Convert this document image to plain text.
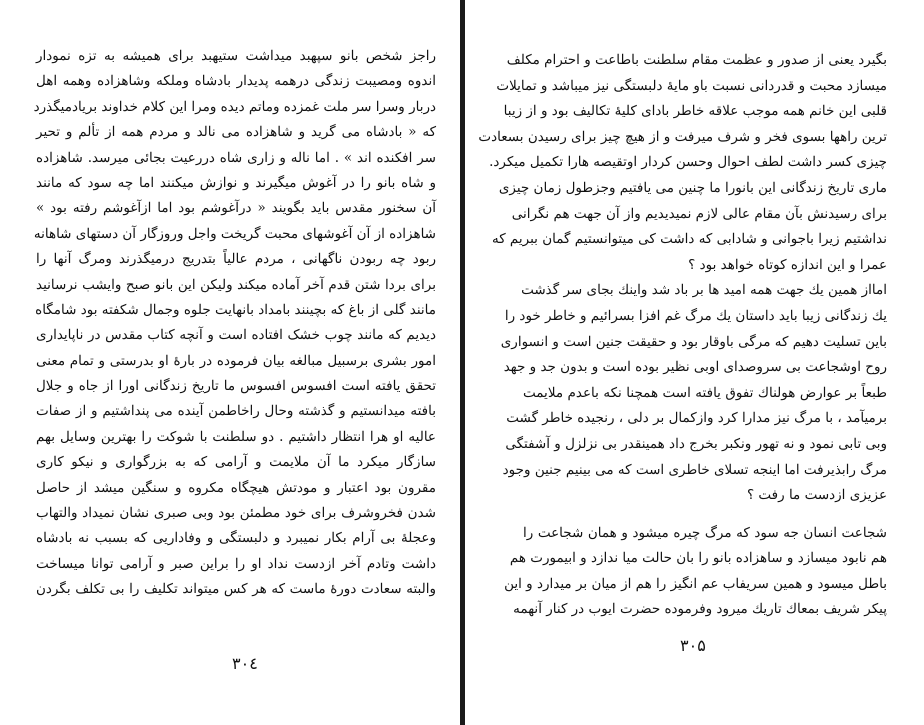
راجز شخص بانو سپهبد میداشت ستیهبد برای همیشه به تزه نمودار
اندوه ومصیبت زندگی درهمه پدیدار بادشاه وملکه وشاهزاده وهمه اهل
دربار وسرا سر ملت غمزده وماتم دیده ومرا این کلام خداوند بریادمیگذرد
که « بادشاه می گرید و شاهزاده می نالد و مردم همه از تألم و تحیر
سر افکنده اند » . اما ناله و زاری شاه دررعیت بجائی میرسد. شاهزاده
و شاه بانو را در آغوش میگیرند و نوازش میکنند اما چه سود که مانند
آن سخنور مقدس باید بگویند « درآغوشم بود اما ازآغوشم رفته بود »
شاهزاده از آن آغوشهای محبت گریخت واجل وروزگار آن دستهای شاهانه
ربود چه ربودن ناگهانی ، مردم عالیاً بتدریج درمیگذرند ومرگ آنها را
برای بردا شتن قدم آخر آماده میکند ولیکن این بانو صبح وایشب نرسانید
مانند گلی از باغ که بچینند بامداد بانهایت جلوه وجمال شکفته بود شامگاه
دیدیم که مانند چوب خشک افتاده است و آنچه کتاب مقدس در ناپایداری
امور بشری برسبیل مبالغه بیان فرموده در بارهٔ او بدرستی و تمام معنی
تحقق یافته است افسوس افسوس ما تاریخ زندگانی اورا از جاه و جلال
بافته میدانستیم و گذشته وحال راخاطمن آینده می پنداشتیم و از صفات
عالیه او هرا انتظار داشتیم . دو سلطنت با شوکت را بهترین وسایل بهم
سازگار میکرد ما آن ملایمت و آرامی که به بزرگواری و نیکو کاری
مقرون بود اعتبار و مودتش هیچگاه مکروه و سنگین میشد از حاصل
شدن فخروشرف برای خود مطمئن بود وبی صبری نشان نمیداد والتهاب
وعجلهٔ بی آرام بکار نمیبرد و دلبستگی و وفاداریی که بسبب نه بادشاه
داشت وتادم آخر ازدست نداد او را براین صبر و آرامی توانا میساخت
والبته سعادت دورهٔ ماست که هر کس میتواند تکلیف را بی تکلف بگردن
۳۰٤
بگیرد یعنی از صدور و عظمت مقام سلطنت باطاعت و احترام مکلف
میسازد محبت و قدردانی نسبت باو مایهٔ دلبستگی نیز میباشد و تمایلات
قلبی این خانم همه موجب علاقه خاطر بادای کلیهٔ تکالیف بود و از زیبا
ترین راهها بسوی فخر و شرف میرفت و از هیچ چیز برای رسیدن بسعادت
چیزی کسر داشت لطف احوال وحسن کردار اوتقیصه هارا تکمیل میکرد.
ماری تاریخ زندگانی این بانورا ما چنین می یافتیم وجزطول زمان چیزی
برای رسیدنش بآن مقام عالی لازم نمیدیدیم واز آن جهت هم نگرانی
نداشتیم زیرا باجوانی و شادابی که داشت کی میتوانستیم گمان ببریم که
عمرا و این اندازه کوتاه خواهد بود ؟
امااز همین یك جهت همه امید ها بر باد شد واینك بجای سر گذشت
یك زندگانی زیبا باید داستان یك مرگ غم افزا بسرائیم و خاطر خود را
باین تسلیت دهیم که مرگی باوقار بود و حقیقت جنین است و انسواری
روح اوشجاعت بی سروصدای اوبی نظیر بوده است و بدون جد و جهد
طبعاً بر عوارض هولناك تفوق یافته است همچنا نکه باعدم ملایمت
برمیآمد ، با مرگ نیز مدارا کرد وازکمال بر دلی ، رنجیده خاطر گشت
وبی تابی نمود و نه تهور ونکبر بخرج داد همینقدر بی نزلزل و آشفتگی
مرگ رابذیرفت اما اینجه تسلای خاطری است که می بینیم جنین وجود
عزیزی ازدست ما رفت ؟
شجاعت انسان جه سود که مرگ چیره میشود و همان شجاعت را
هم نابود میسازد و ساهزاده بانو را بان حالت میا ندازد و ابیمورت هم
باطل میسود و همین سریفاب عم انگیز را هم از میان بر میدارد و این
پیکر شریف بمعاك تاریك میرود وفرموده حضرت ایوب در کنار آنهمه
۳۰۵
